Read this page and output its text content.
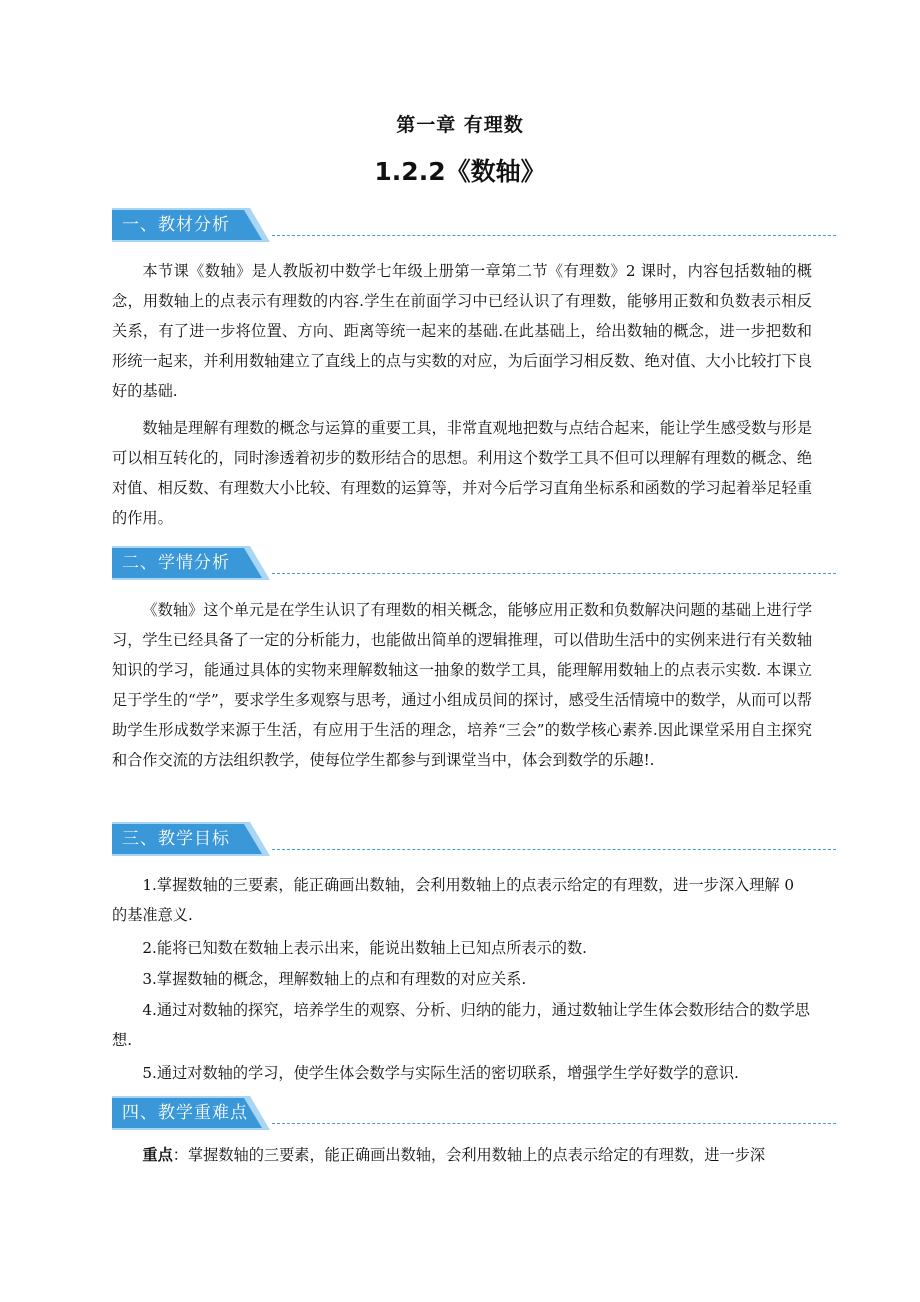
第一章 有理数
1.2.2《数轴》
一、教材分析

本节课《数轴》是人教版初中数学七年级上册第一章第二节《有理数》2 课时，内容包括数轴的概念，用数轴上的点表示有理数的内容.学生在前面学习中已经认识了有理数，能够用正数和负数表示相反关系，有了进一步将位置、方向、距离等统一起来的基础.在此基础上，给出数轴的概念，进一步把数和形统一起来，并利用数轴建立了直线上的点与实数的对应，为后面学习相反数、绝对值、大小比较打下良好的基础.

数轴是理解有理数的概念与运算的重要工具，非常直观地把数与点结合起来，能让学生感受数与形是可以相互转化的，同时渗透着初步的数形结合的思想。利用这个数学工具不但可以理解有理数的概念、绝对值、相反数、有理数大小比较、有理数的运算等，并对今后学习直角坐标系和函数的学习起着举足轻重的作用。

二、学情分析

《数轴》这个单元是在学生认识了有理数的相关概念，能够应用正数和负数解决问题的基础上进行学习，学生已经具备了一定的分析能力，也能做出简单的逻辑推理，可以借助生活中的实例来进行有关数轴知识的学习，能通过具体的实物来理解数轴这一抽象的数学工具，能理解用数轴上的点表示实数. 本课立足于学生的“学”，要求学生多观察与思考，通过小组成员间的探讨，感受生活情境中的数学，从而可以帮助学生形成数学来源于生活，有应用于生活的理念，培养“三会”的数学核心素养.因此课堂采用自主探究和合作交流的方法组织教学，使每位学生都参与到课堂当中，体会到数学的乐趣!.

三、教学目标

1.掌握数轴的三要素，能正确画出数轴，会利用数轴上的点表示给定的有理数，进一步深入理解 0 的基准意义.

2.能将已知数在数轴上表示出来，能说出数轴上已知点所表示的数.

3.掌握数轴的概念，理解数轴上的点和有理数的对应关系.

4.通过对数轴的探究，培养学生的观察、分析、归纳的能力，通过数轴让学生体会数形结合的数学思想.

5.通过对数轴的学习，使学生体会数学与实际生活的密切联系，增强学生学好数学的意识.

四、教学重难点

重点：掌握数轴的三要素，能正确画出数轴，会利用数轴上的点表示给定的有理数，进一步深
